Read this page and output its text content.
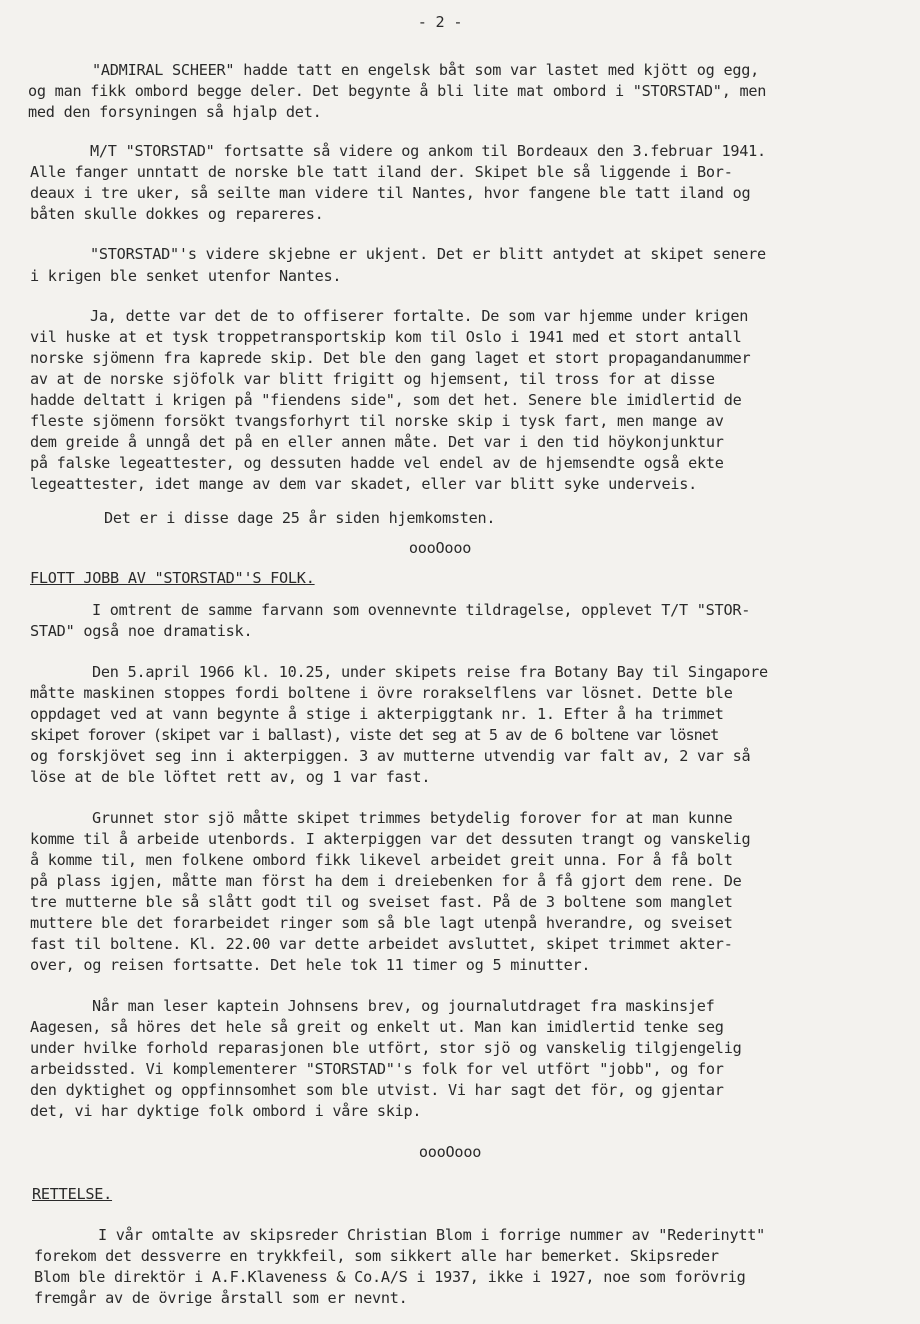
- 2 -
"ADMIRAL SCHEER" hadde tatt en engelsk båt som var lastet med kjött og egg,
og man fikk ombord begge deler. Det begynte å bli lite mat ombord i "STORSTAD", men
med den forsyningen så hjalp det.
M/T "STORSTAD" fortsatte så videre og ankom til Bordeaux den 3.februar 1941.
Alle fanger unntatt de norske ble tatt iland der. Skipet ble så liggende i Bor-
deaux i tre uker, så seilte man videre til Nantes, hvor fangene ble tatt iland og
båten skulle dokkes og repareres.
"STORSTAD"'s videre skjebne er ukjent. Det er blitt antydet at skipet senere
i krigen ble senket utenfor Nantes.
Ja, dette var det de to offiserer fortalte. De som var hjemme under krigen
vil huske at et tysk troppetransportskip kom til Oslo i 1941 med et stort antall
norske sjömenn fra kaprede skip. Det ble den gang laget et stort propagandanummer
av at de norske sjöfolk var blitt frigitt og hjemsent, til tross for at disse
hadde deltatt i krigen på "fiendens side", som det het. Senere ble imidlertid de
fleste sjömenn forsökt tvangsforhyrt til norske skip i tysk fart, men mange av
dem greide å unngå det på en eller annen måte. Det var i den tid höykonjunktur
på falske legeattester, og dessuten hadde vel endel av de hjemsendte også ekte
legeattester, idet mange av dem var skadet, eller var blitt syke underveis.
Det er i disse dage 25 år siden hjemkomsten.
oooOooo
FLOTT JOBB AV "STORSTAD"'S FOLK.
I omtrent de samme farvann som ovennevnte tildragelse, opplevet T/T "STOR-
STAD" også noe dramatisk.
Den 5.april 1966 kl. 10.25, under skipets reise fra Botany Bay til Singapore
måtte maskinen stoppes fordi boltene i övre rorakselflens var lösnet. Dette ble
oppdaget ved at vann begynte å stige i akterpiggtank nr. 1. Efter å ha trimmet
skipet forover (skipet var i ballast), viste det seg at 5 av de 6 boltene var lösnet
og forskjövet seg inn i akterpiggen. 3 av mutterne utvendig var falt av, 2 var så
löse at de ble löftet rett av, og 1 var fast.
Grunnet stor sjö måtte skipet trimmes betydelig forover for at man kunne
komme til å arbeide utenbords. I akterpiggen var det dessuten trangt og vanskelig
å komme til, men folkene ombord fikk likevel arbeidet greit unna. For å få bolt
på plass igjen, måtte man först ha dem i dreiebenken for å få gjort dem rene. De
tre mutterne ble så slått godt til og sveiset fast. På de 3 boltene som manglet
muttere ble det forarbeidet ringer som så ble lagt utenpå hverandre, og sveiset
fast til boltene. Kl. 22.00 var dette arbeidet avsluttet, skipet trimmet akter-
over, og reisen fortsatte. Det hele tok 11 timer og 5 minutter.
Når man leser kaptein Johnsens brev, og journalutdraget fra maskinsjef
Aagesen, så höres det hele så greit og enkelt ut. Man kan imidlertid tenke seg
under hvilke forhold reparasjonen ble utfört, stor sjö og vanskelig tilgjengelig
arbeidssted. Vi komplementerer "STORSTAD"'s folk for vel utfört "jobb", og for
den dyktighet og oppfinnsomhet som ble utvist. Vi har sagt det för, og gjentar
det, vi har dyktige folk ombord i våre skip.
oooOooo
RETTELSE.
I vår omtalte av skipsreder Christian Blom i forrige nummer av "Rederinytt"
forekom det dessverre en trykkfeil, som sikkert alle har bemerket. Skipsreder
Blom ble direktör i A.F.Klaveness & Co.A/S i 1937, ikke i 1927, noe som forövrig
fremgår av de övrige årstall som er nevnt.
